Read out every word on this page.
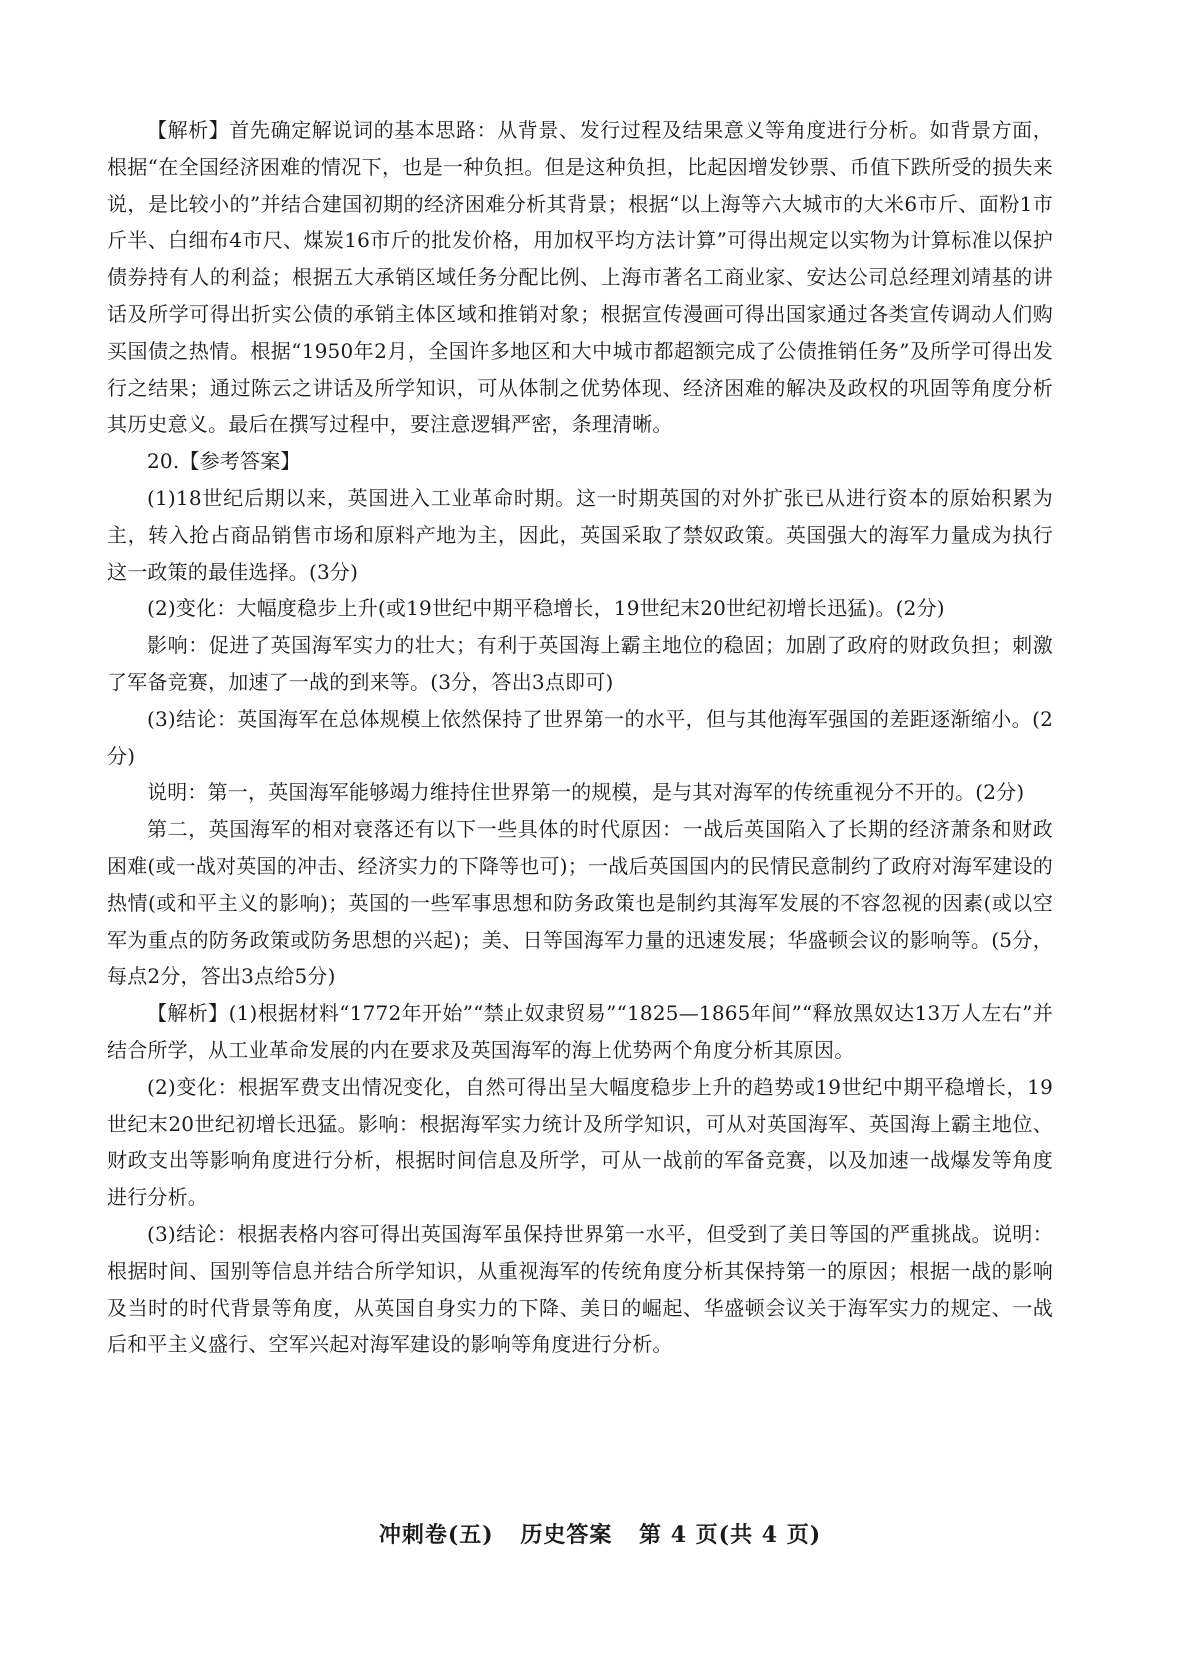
【解析】首先确定解说词的基本思路：从背景、发行过程及结果意义等角度进行分析。如背景方面，根据“在全国经济困难的情况下，也是一种负担。但是这种负担，比起因增发钞票、币值下跌所受的损失来说，是比较小的”并结合建国初期的经济困难分析其背景；根据“以上海等六大城市的大米6市斤、面粉1市斤半、白细布4市尺、煤炭16市斤的批发价格，用加权平均方法计算”可得出规定以实物为计算标准以保护债券持有人的利益；根据五大承销区域任务分配比例、上海市著名工商业家、安达公司总经理刘靖基的讲话及所学可得出折实公债的承销主体区域和推销对象；根据宣传漫画可得出国家通过各类宣传调动人们购买国债之热情。根据“1950年2月，全国许多地区和大中城市都超额完成了公债推销任务”及所学可得出发行之结果；通过陈云之讲话及所学知识，可从体制之优势体现、经济困难的解决及政权的巩固等角度分析其历史意义。最后在撰写过程中，要注意逻辑严密，条理清晰。

20.【参考答案】

(1)18世纪后期以来，英国进入工业革命时期。这一时期英国的对外扩张已从进行资本的原始积累为主，转入抢占商品销售市场和原料产地为主，因此，英国采取了禁奴政策。英国强大的海军力量成为执行这一政策的最佳选择。(3分)

(2)变化：大幅度稳步上升(或19世纪中期平稳增长，19世纪末20世纪初增长迅猛)。(2分)

影响：促进了英国海军实力的壮大；有利于英国海上霸主地位的稳固；加剧了政府的财政负担；刺激了军备竞赛，加速了一战的到来等。(3分，答出3点即可)

(3)结论：英国海军在总体规模上依然保持了世界第一的水平，但与其他海军强国的差距逐渐缩小。(2分)

说明：第一，英国海军能够竭力维持住世界第一的规模，是与其对海军的传统重视分不开的。(2分)

第二，英国海军的相对衰落还有以下一些具体的时代原因：一战后英国陷入了长期的经济萧条和财政困难(或一战对英国的冲击、经济实力的下降等也可)；一战后英国国内的民情民意制约了政府对海军建设的热情(或和平主义的影响)；英国的一些军事思想和防务政策也是制约其海军发展的不容忽视的因素(或以空军为重点的防务政策或防务思想的兴起)；美、日等国海军力量的迅速发展；华盛顿会议的影响等。(5分，每点2分，答出3点给5分)

【解析】(1)根据材料“1772年开始”“禁止奴隶贸易”“1825—1865年间”“释放黑奴达13万人左右”并结合所学，从工业革命发展的内在要求及英国海军的海上优势两个角度分析其原因。

(2)变化：根据军费支出情况变化，自然可得出呈大幅度稳步上升的趋势或19世纪中期平稳增长，19世纪末20世纪初增长迅猛。影响：根据海军实力统计及所学知识，可从对英国海军、英国海上霸主地位、财政支出等影响角度进行分析，根据时间信息及所学，可从一战前的军备竞赛，以及加速一战爆发等角度进行分析。

(3)结论：根据表格内容可得出英国海军虽保持世界第一水平，但受到了美日等国的严重挑战。说明：根据时间、国别等信息并结合所学知识，从重视海军的传统角度分析其保持第一的原因；根据一战的影响及当时的时代背景等角度，从英国自身实力的下降、美日的崛起、华盛顿会议关于海军实力的规定、一战后和平主义盛行、空军兴起对海军建设的影响等角度进行分析。

冲刺卷(五) 历史答案 第 4 页(共 4 页)
